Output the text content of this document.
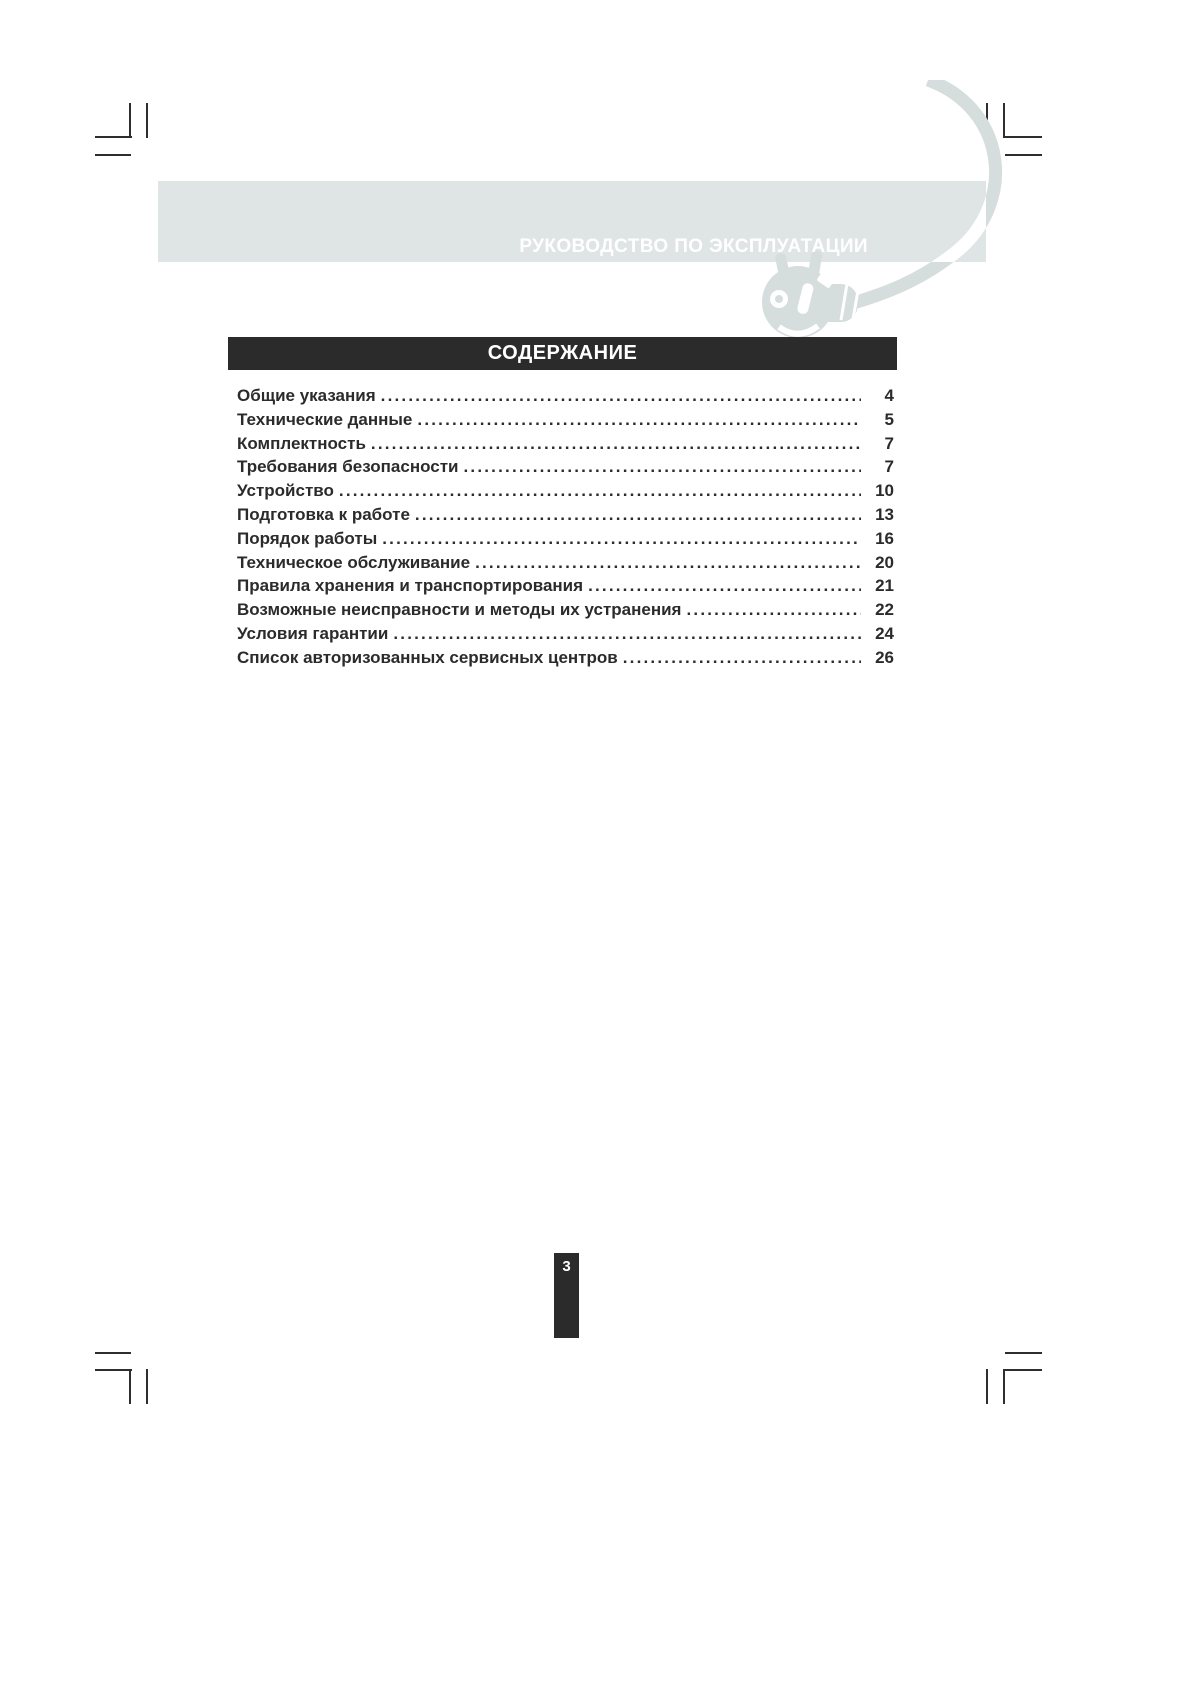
РУКОВОДСТВО ПО ЭКСПЛУАТАЦИИ
СОДЕРЖАНИЕ
Общие указания .....	4
Технические данные .....	5
Комплектность .....	7
Требования безопасности .....	7
Устройство .....	10
Подготовка к работе .....	13
Порядок работы .....	16
Техническое обслуживание .....	20
Правила хранения и транспортирования .....	21
Возможные неисправности и методы их устранения .....	22
Условия гарантии .....	24
Список авторизованных сервисных центров .....	26
3
